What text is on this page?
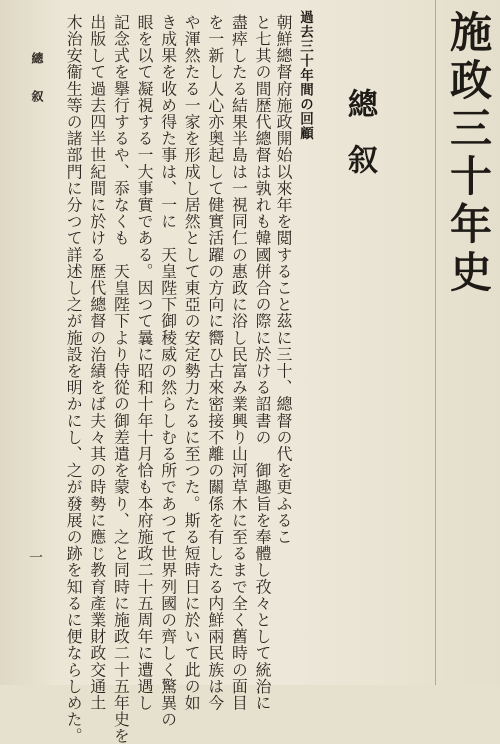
施政三十年史
總叙
過去三十年間の回顧
朝鮮總督府施政開始以來年を閲すること茲に三十、總督の代を更ふるこ
と七其の間歴代總督は孰れも韓國併合の際に於ける詔書の　御趣旨を奉體し孜々として統治に
盡瘁したる結果半島は一視同仁の惠政に浴し民富み業興り山河草木に至るまで全く舊時の面目
を一新し人心亦奥起して健實活躍の方向に嚮ひ古來密接不離の關係を有したる内鮮兩民族は今
や渾然たる一家を形成し居然として東亞の安定勢力たるに至つた。斯る短時日に於いて此の如
き成果を收め得た事は、一に　天皇陛下御稜威の然らしむる所であつて世界列國の齊しく驚異の
眼を以て凝視する一大事實である。因つて曩に昭和十年十月恰も本府施政二十五周年に遭遇し
記念式を擧行するや、忝なくも　天皇陛下より侍從の御差遣を蒙り、之と同時に施政二十五年史を
出版して過去四半世紀間に於ける歴代總督の治績をば夫々其の時勢に應じ教育產業財政交通土
木治安衞生等の諸部門に分つて詳述し之が施設を明かにし、之が發展の跡を知るに便ならしめた。
總叙
一
